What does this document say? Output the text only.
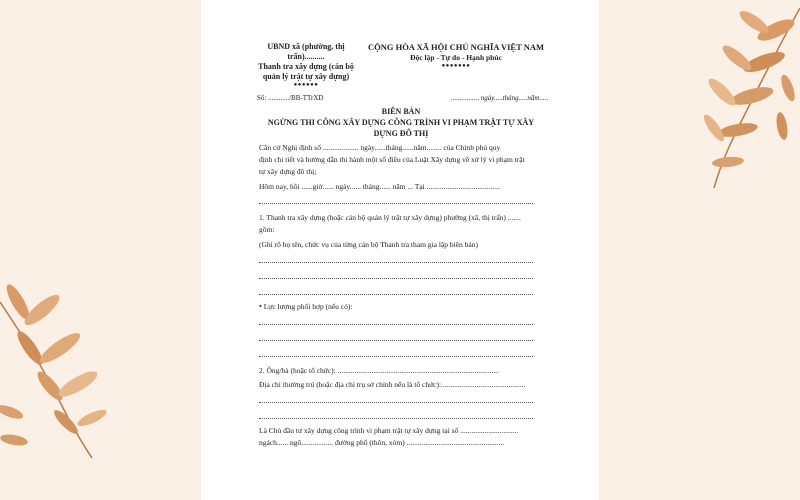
UBND xã (phường, thị
trấn)..........
Thanh tra xây dựng (cán bộ
quản lý trật tự xây dựng)
●●●●●●
CỘNG HÒA XÃ HỘI CHỦ NGHĨA VIỆT NAM
Độc lập - Tự do - Hạnh phúc
●●●●●●●
Số: ............/BB-TTrXD	..............., ngày.....tháng.....năm.....
BIÊN BẢN
NGỪNG THI CÔNG XÂY DỰNG CÔNG TRÌNH VI PHẠM TRẬT TỰ XÂY
DỰNG ĐÔ THỊ
Căn cứ Nghị định số ................... ngày......tháng......năm........ của Chính phủ quy
định chi tiết và hướng dẫn thi hành một số điều của Luật Xây dựng về xử lý vi phạm trật
tự xây dựng đô thị;
Hôm nay, hồi ......giờ...... ngày...... tháng...... năm ... Tại .......................................
1. Thanh tra xây dựng (hoặc cán bộ quản lý trật tự xây dựng) phường (xã, thị trấn) .......
gồm:
(Ghi rõ họ tên, chức vụ của từng cán bộ Thanh tra tham gia lập biên bản)
• Lực lượng phối hợp (nếu có):
2. Ông/bà (hoặc tổ chức): ......................................................................................
Địa chỉ thường trú (hoặc địa chỉ trụ sở chính nếu là tổ chức):.............................................
Là Chủ đầu tư xây dựng công trình vi phạm trật tự xây dựng tại số ...............................
ngách...... ngõ................. đường phố (thôn, xóm) ....................................................
